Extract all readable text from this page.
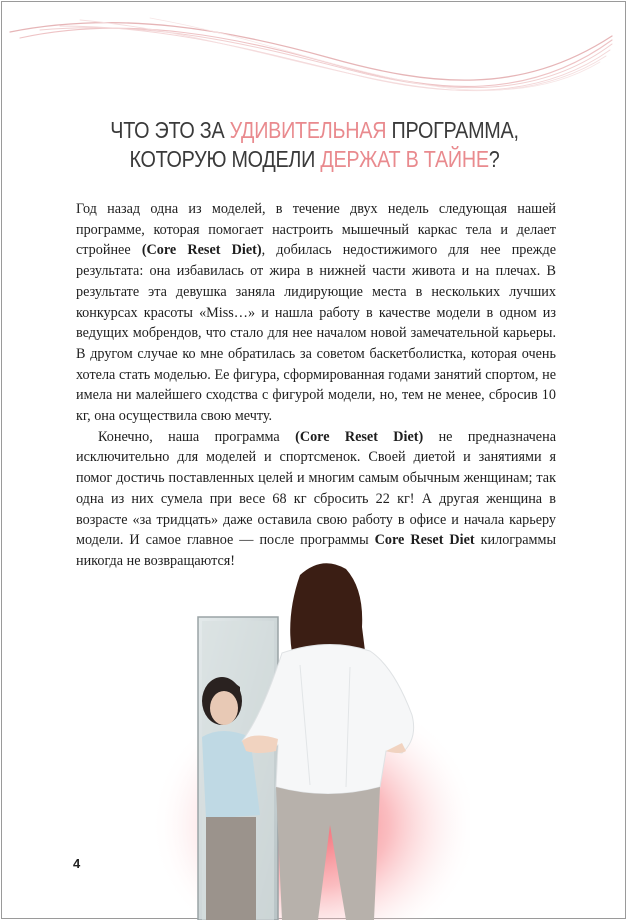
ЧТО ЭТО ЗА УДИВИТЕЛЬНАЯ ПРОГРАММА,
КОТОРУЮ МОДЕЛИ ДЕРЖАТ В ТАЙНЕ?

Год назад одна из моделей, в течение двух недель следующая нашей программе, которая помогает настроить мышечный каркас тела и делает стройнее (Core Reset Diet), добилась недостижимого для нее прежде результата: она избавилась от жира в нижней части живота и на плечах. В результате эта девушка заняла лидирующие места в нескольких лучших конкурсах красоты «Miss…» и нашла работу в качестве модели в одном из ведущих мобрендов, что стало для нее началом новой замечательной карьеры. В другом случае ко мне обратилась за советом баскетболистка, которая очень хотела стать моделью. Ее фигура, сформированная годами занятий спортом, не имела ни малейшего сходства с фигурой модели, но, тем не менее, сбросив 10 кг, она осуществила свою мечту.

Конечно, наша программа (Core Reset Diet) не предназначена исключительно для моделей и спортсменок. Своей диетой и занятиями я помог достичь поставленных целей и многим самым обычным женщинам; так одна из них сумела при весе 68 кг сбросить 22 кг! А другая женщина в возрасте «за тридцать» даже оставила свою работу в офисе и начала карьеру модели. И самое главное — после программы Core Reset Diet килограммы никогда не возвращаются!

4
